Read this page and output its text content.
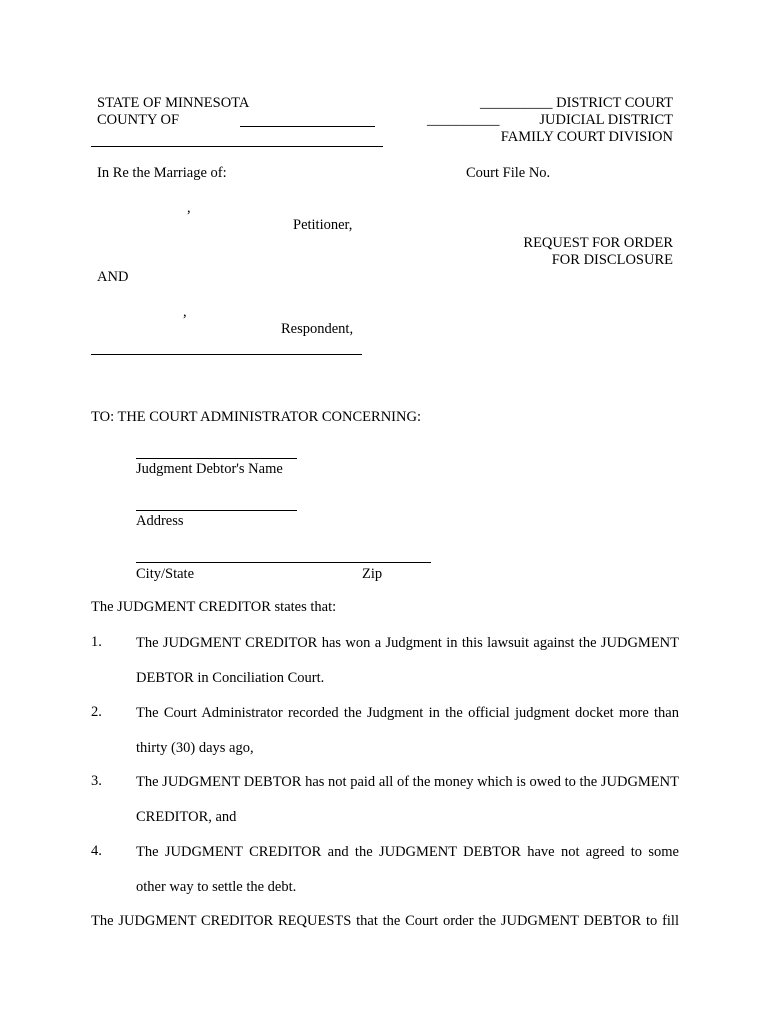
STATE OF MINNESOTA
COUNTY OF
__________ DISTRICT COURT
__________	JUDICIAL DISTRICT
FAMILY COURT DIVISION
In Re the Marriage of:	Court File No.
,
Petitioner,
REQUEST FOR ORDER
FOR DISCLOSURE
AND
,
Respondent,
TO: THE COURT ADMINISTRATOR CONCERNING:
Judgment Debtor's Name
Address
City/State	Zip
The JUDGMENT CREDITOR states that:
1. The JUDGMENT CREDITOR has won a Judgment in this lawsuit against the JUDGMENT DEBTOR in Conciliation Court.
2. The Court Administrator recorded the Judgment in the official judgment docket more than thirty (30) days ago,
3. The JUDGMENT DEBTOR has not paid all of the money which is owed to the JUDGMENT CREDITOR, and
4. The JUDGMENT CREDITOR and the JUDGMENT DEBTOR have not agreed to some other way to settle the debt.
The JUDGMENT CREDITOR REQUESTS that the Court order the JUDGMENT DEBTOR to fill
